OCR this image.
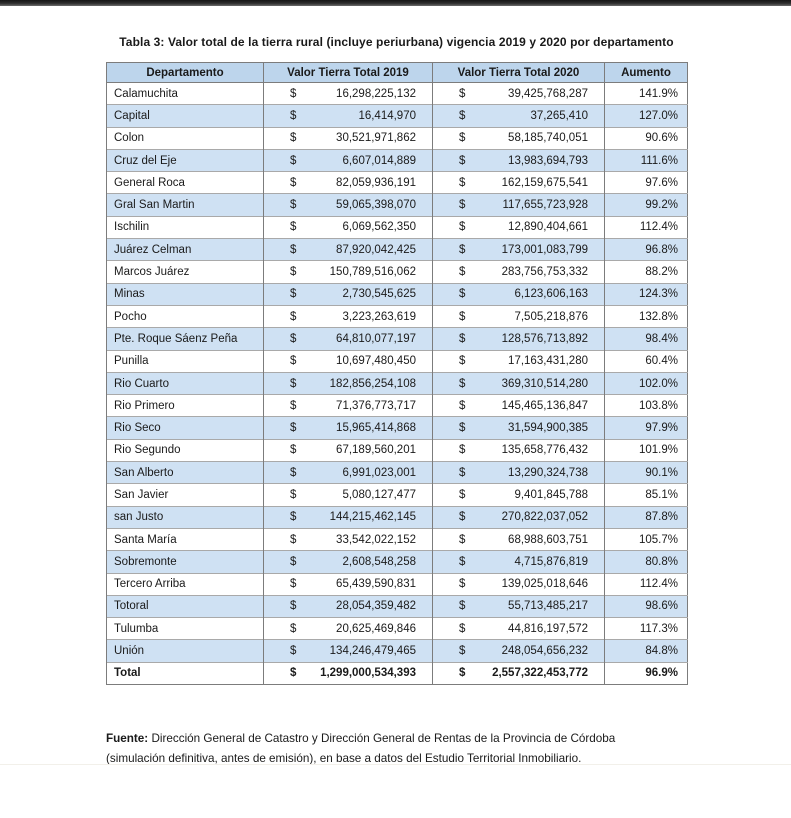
Tabla 3: Valor total de la tierra rural (incluye periurbana) vigencia 2019 y 2020 por departamento
Departamento	Valor Tierra Total 2019	Valor Tierra Total 2020	Aumento
Calamuchita	$ 16,298,225,132	$ 39,425,768,287	141.9%
Capital	$ 16,414,970	$ 37,265,410	127.0%
Colon	$ 30,521,971,862	$ 58,185,740,051	90.6%
Cruz del Eje	$ 6,607,014,889	$ 13,983,694,793	111.6%
General Roca	$ 82,059,936,191	$ 162,159,675,541	97.6%
Gral San Martin	$ 59,065,398,070	$ 117,655,723,928	99.2%
Ischilin	$ 6,069,562,350	$ 12,890,404,661	112.4%
Juárez Celman	$ 87,920,042,425	$ 173,001,083,799	96.8%
Marcos Juárez	$ 150,789,516,062	$ 283,756,753,332	88.2%
Minas	$ 2,730,545,625	$ 6,123,606,163	124.3%
Pocho	$ 3,223,263,619	$ 7,505,218,876	132.8%
Pte. Roque Sáenz Peña	$ 64,810,077,197	$ 128,576,713,892	98.4%
Punilla	$ 10,697,480,450	$ 17,163,431,280	60.4%
Rio Cuarto	$ 182,856,254,108	$ 369,310,514,280	102.0%
Rio Primero	$ 71,376,773,717	$ 145,465,136,847	103.8%
Rio Seco	$ 15,965,414,868	$ 31,594,900,385	97.9%
Rio Segundo	$ 67,189,560,201	$ 135,658,776,432	101.9%
San Alberto	$ 6,991,023,001	$ 13,290,324,738	90.1%
San Javier	$ 5,080,127,477	$ 9,401,845,788	85.1%
san Justo	$ 144,215,462,145	$ 270,822,037,052	87.8%
Santa María	$ 33,542,022,152	$ 68,988,603,751	105.7%
Sobremonte	$ 2,608,548,258	$ 4,715,876,819	80.8%
Tercero Arriba	$ 65,439,590,831	$ 139,025,018,646	112.4%
Totoral	$ 28,054,359,482	$ 55,713,485,217	98.6%
Tulumba	$ 20,625,469,846	$ 44,816,197,572	117.3%
Unión	$ 134,246,479,465	$ 248,054,656,232	84.8%
Total	$ 1,299,000,534,393	$ 2,557,322,453,772	96.9%
Fuente: Dirección General de Catastro y Dirección General de Rentas de la Provincia de Córdoba
(simulación definitiva, antes de emisión), en base a datos del Estudio Territorial Inmobiliario.
